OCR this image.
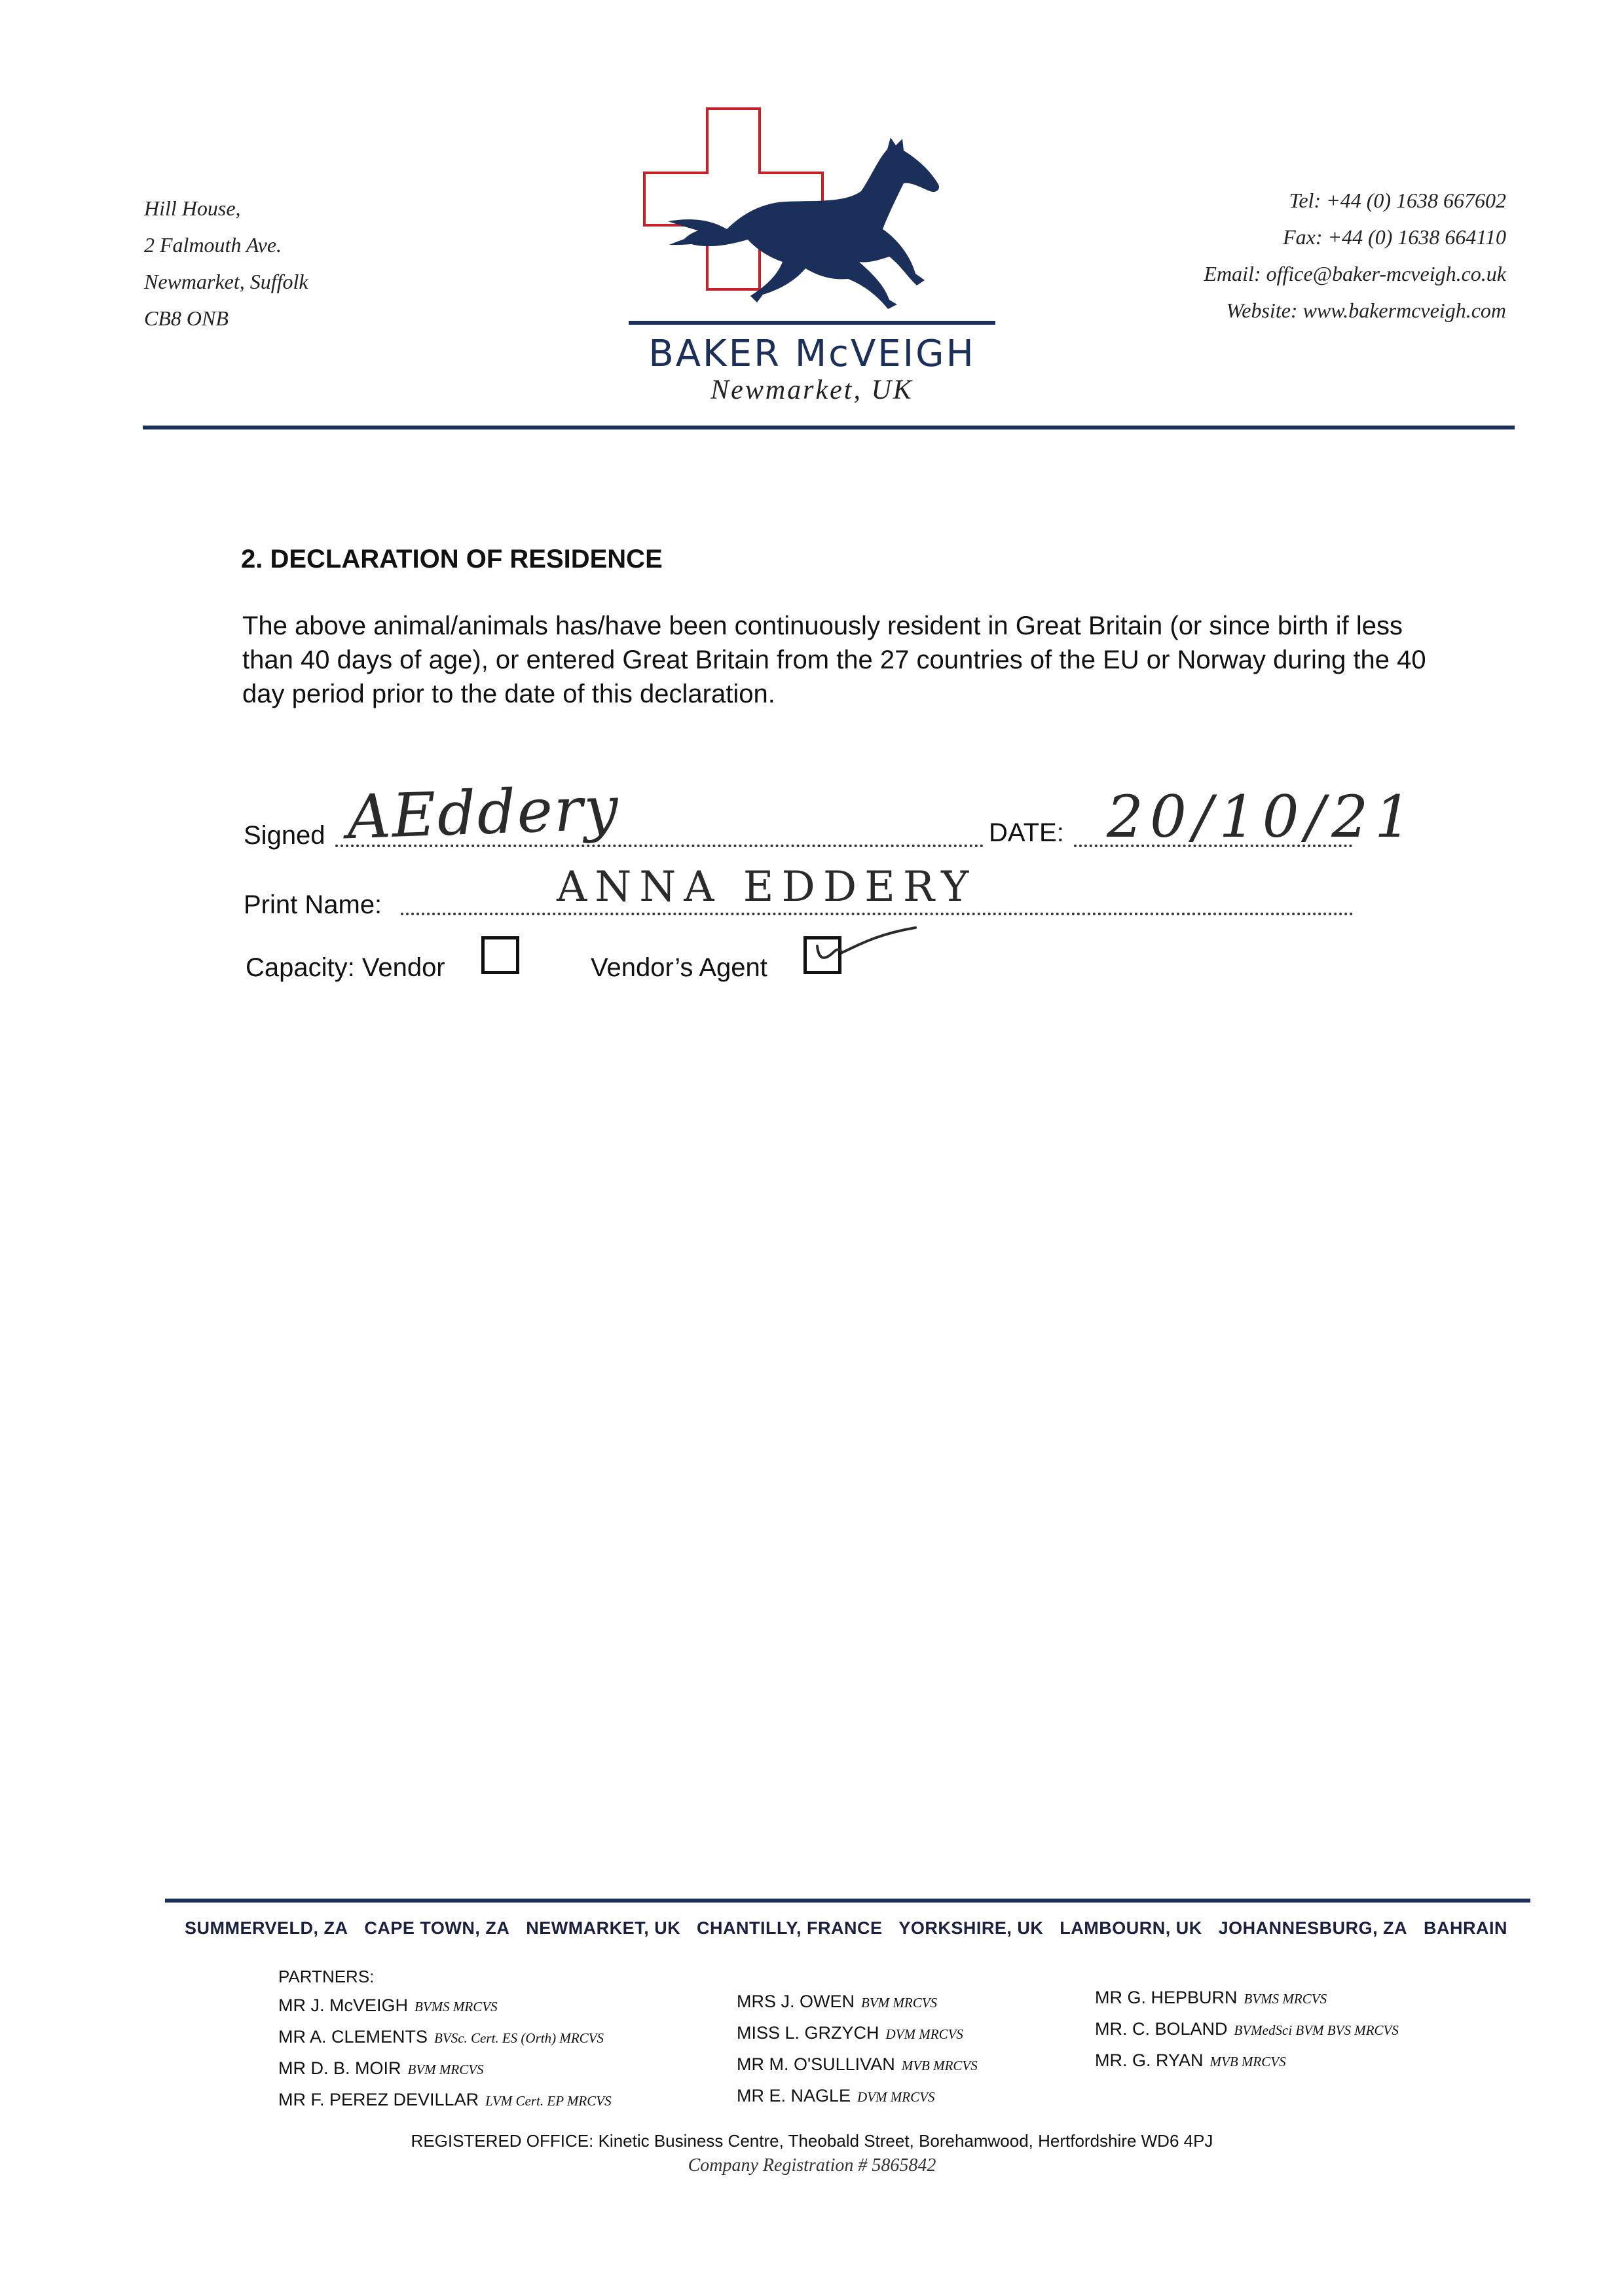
Hill House,
2 Falmouth Ave.
Newmarket, Suffolk
CB8 ONB
BAKER McVEIGH
Newmarket, UK
Tel: +44 (0) 1638 667602
Fax: +44 (0) 1638 664110
Email: office@baker-mcveigh.co.uk
Website: www.bakermcveigh.com
2. DECLARATION OF RESIDENCE
The above animal/animals has/have been continuously resident in Great Britain (or since birth if less than 40 days of age), or entered Great Britain from the 27 countries of the EU or Norway during the 40 day period prior to the date of this declaration.
Signed AEddery	DATE: 20/10/21
Print Name:	ANNA EDDERY
Capacity: Vendor	Vendor’s Agent
SUMMERVELD, ZA CAPE TOWN, ZA NEWMARKET, UK CHANTILLY, FRANCE YORKSHIRE, UK LAMBOURN, UK JOHANNESBURG, ZA BAHRAIN
PARTNERS:
MR J. McVEIGH BVMS MRCVS
MR A. CLEMENTS BVSc. Cert. ES (Orth) MRCVS
MR D. B. MOIR BVM MRCVS
MR F. PEREZ DEVILLAR LVM Cert. EP MRCVS
MRS J. OWEN BVM MRCVS
MISS L. GRZYCH DVM MRCVS
MR M. O'SULLIVAN MVB MRCVS
MR E. NAGLE DVM MRCVS
MR G. HEPBURN BVMS MRCVS
MR. C. BOLAND BVMedSci BVM BVS MRCVS
MR. G. RYAN MVB MRCVS
REGISTERED OFFICE: Kinetic Business Centre, Theobald Street, Borehamwood, Hertfordshire WD6 4PJ
Company Registration # 5865842
